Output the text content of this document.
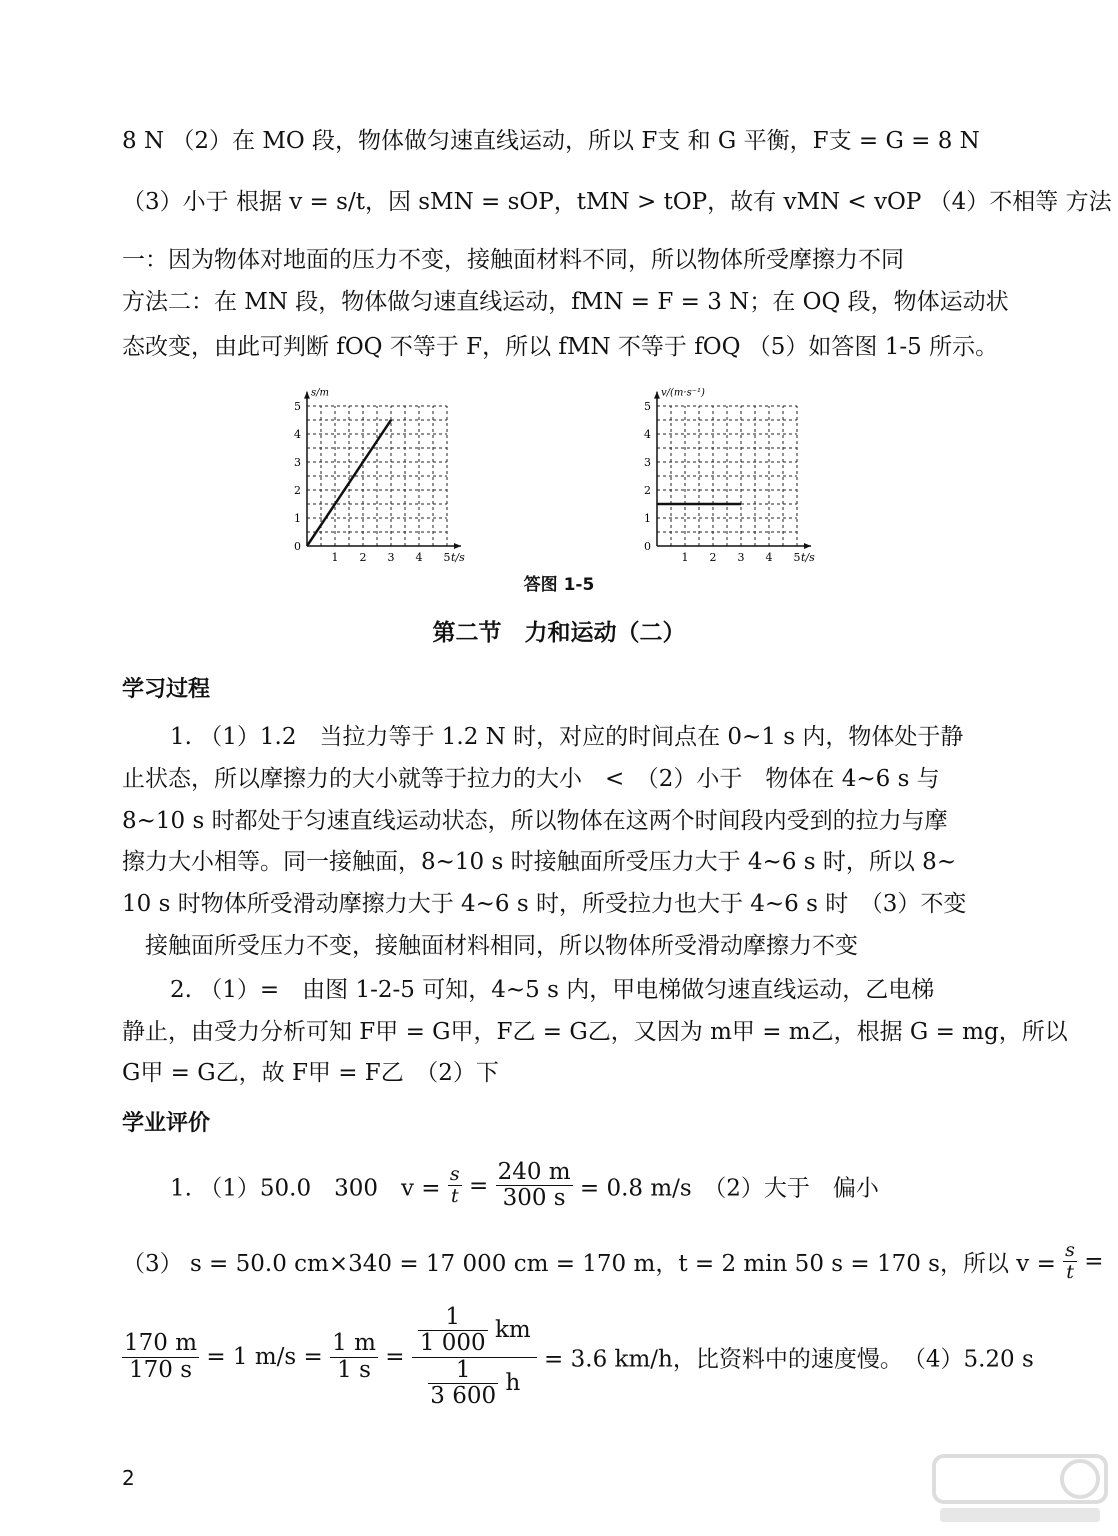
8 N （2）在 MO 段，物体做匀速直线运动，所以 F支 和 G 平衡，F支 = G = 8 N
（3）小于 根据 v = s/t，因 sMN = sOP，tMN > tOP，故有 vMN < vOP （4）不相等 方法
一：因为物体对地面的压力不变，接触面材料不同，所以物体所受摩擦力不同
方法二：在 MN 段，物体做匀速直线运动，fMN = F = 3 N；在 OQ 段，物体运动状
态改变，由此可判断 fOQ 不等于 F，所以 fMN 不等于 fOQ （5）如答图 1-5 所示。
1 2 3 4 5
1
2
3
4
5
0
t/s
s/m
1 2 3 4 5
1
2
3
4
5
0
t/s
v/(m·s⁻¹)
答图 1-5
第二节　力和运动（二）
学习过程
1. （1）1.2　当拉力等于 1.2 N 时，对应的时间点在 0~1 s 内，物体处于静
止状态，所以摩擦力的大小就等于拉力的大小　<　（2）小于　物体在 4~6 s 与
8~10 s 时都处于匀速直线运动状态，所以物体在这两个时间段内受到的拉力与摩
擦力大小相等。同一接触面，8~10 s 时接触面所受压力大于 4~6 s 时，所以 8~
10 s 时物体所受滑动摩擦力大于 4~6 s 时，所受拉力也大于 4~6 s 时　（3）不变
接触面所受压力不变，接触面材料相同，所以物体所受滑动摩擦力不变
2. （1）=　由图 1-2-5 可知，4~5 s 内，甲电梯做匀速直线运动，乙电梯
静止，由受力分析可知 F甲 = G甲，F乙 = G乙，又因为 m甲 = m乙，根据 G = mg，所以
G甲 = G乙，故 F甲 = F乙　（2）下
学业评价
1. （1）50.0　300　$v = \frac{s}{t} = \frac{240 m}{300 s} = 0.8$ m/s　（2）大于　偏小
（3） s = 50.0 cm×340 = 17 000 cm = 170 m，t = 2 min 50 s = 170 s，所以 $v = \frac{s}{t}$ =
$\frac{170 m}{170 s} = 1$ $m/s = \frac{1 m}{1 s} = \frac{\frac{1}{1 000} km}{\frac{1}{3 600} h} = 3.6$ km/h，比资料中的速度慢。　（4）5.20 s
2
